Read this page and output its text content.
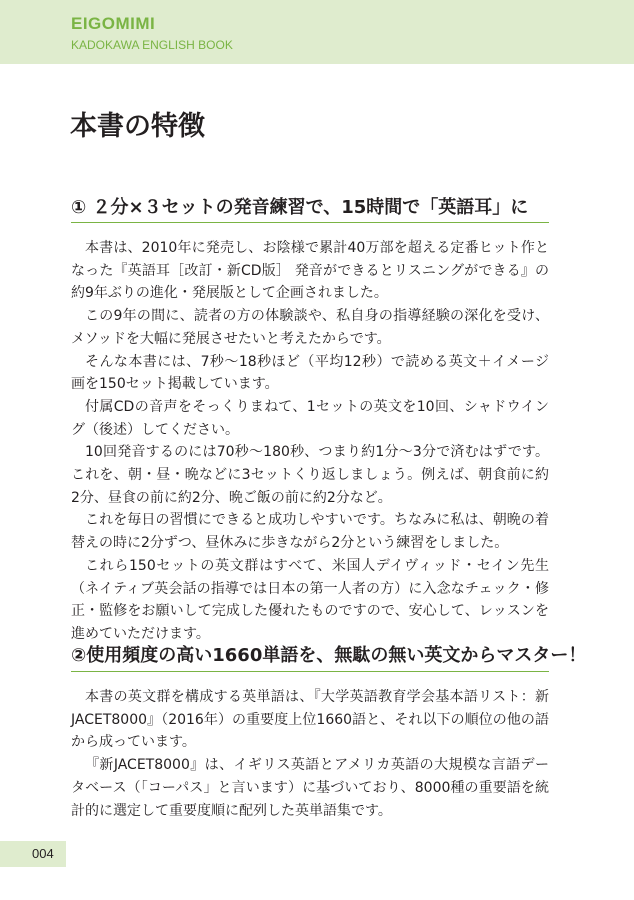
EIGOMIMI
KADOKAWA ENGLISH BOOK
本書の特徴
① ２分×３セットの発音練習で、15時間で「英語耳」に

本書は、2010年に発売し、お陰様で累計40万部を超える定番ヒット作となった『英語耳［改訂・新CD版］ 発音ができるとリスニングができる』の約9年ぶりの進化・発展版として企画されました。

この9年の間に、読者の方の体験談や、私自身の指導経験の深化を受け、メソッドを大幅に発展させたいと考えたからです。

そんな本書には、7秒〜18秒ほど（平均12秒）で読める英文＋イメージ画を150セット掲載しています。

付属CDの音声をそっくりまねて、1セットの英文を10回、シャドウイング（後述）してください。

10回発音するのには70秒〜180秒、つまり約1分〜3分で済むはずです。これを、朝・昼・晩などに3セットくり返しましょう。例えば、朝食前に約2分、昼食の前に約2分、晩ご飯の前に約2分など。

これを毎日の習慣にできると成功しやすいです。ちなみに私は、朝晩の着替えの時に2分ずつ、昼休みに歩きながら2分という練習をしました。

これら150セットの英文群はすべて、米国人デイヴィッド・セイン先生（ネイティブ英会話の指導では日本の第一人者の方）に入念なチェック・修正・監修をお願いして完成した優れたものですので、安心して、レッスンを進めていただけます。

②使用頻度の高い1660単語を、無駄の無い英文からマスター！

本書の英文群を構成する英単語は、『大学英語教育学会基本語リスト：新JACET8000』（2016年）の重要度上位1660語と、それ以下の順位の他の語から成っています。

『新JACET8000』は、イギリス英語とアメリカ英語の大規模な言語データベース（「コーパス」と言います）に基づいており、8000種の重要語を統計的に選定して重要度順に配列した英単語集です。

004
